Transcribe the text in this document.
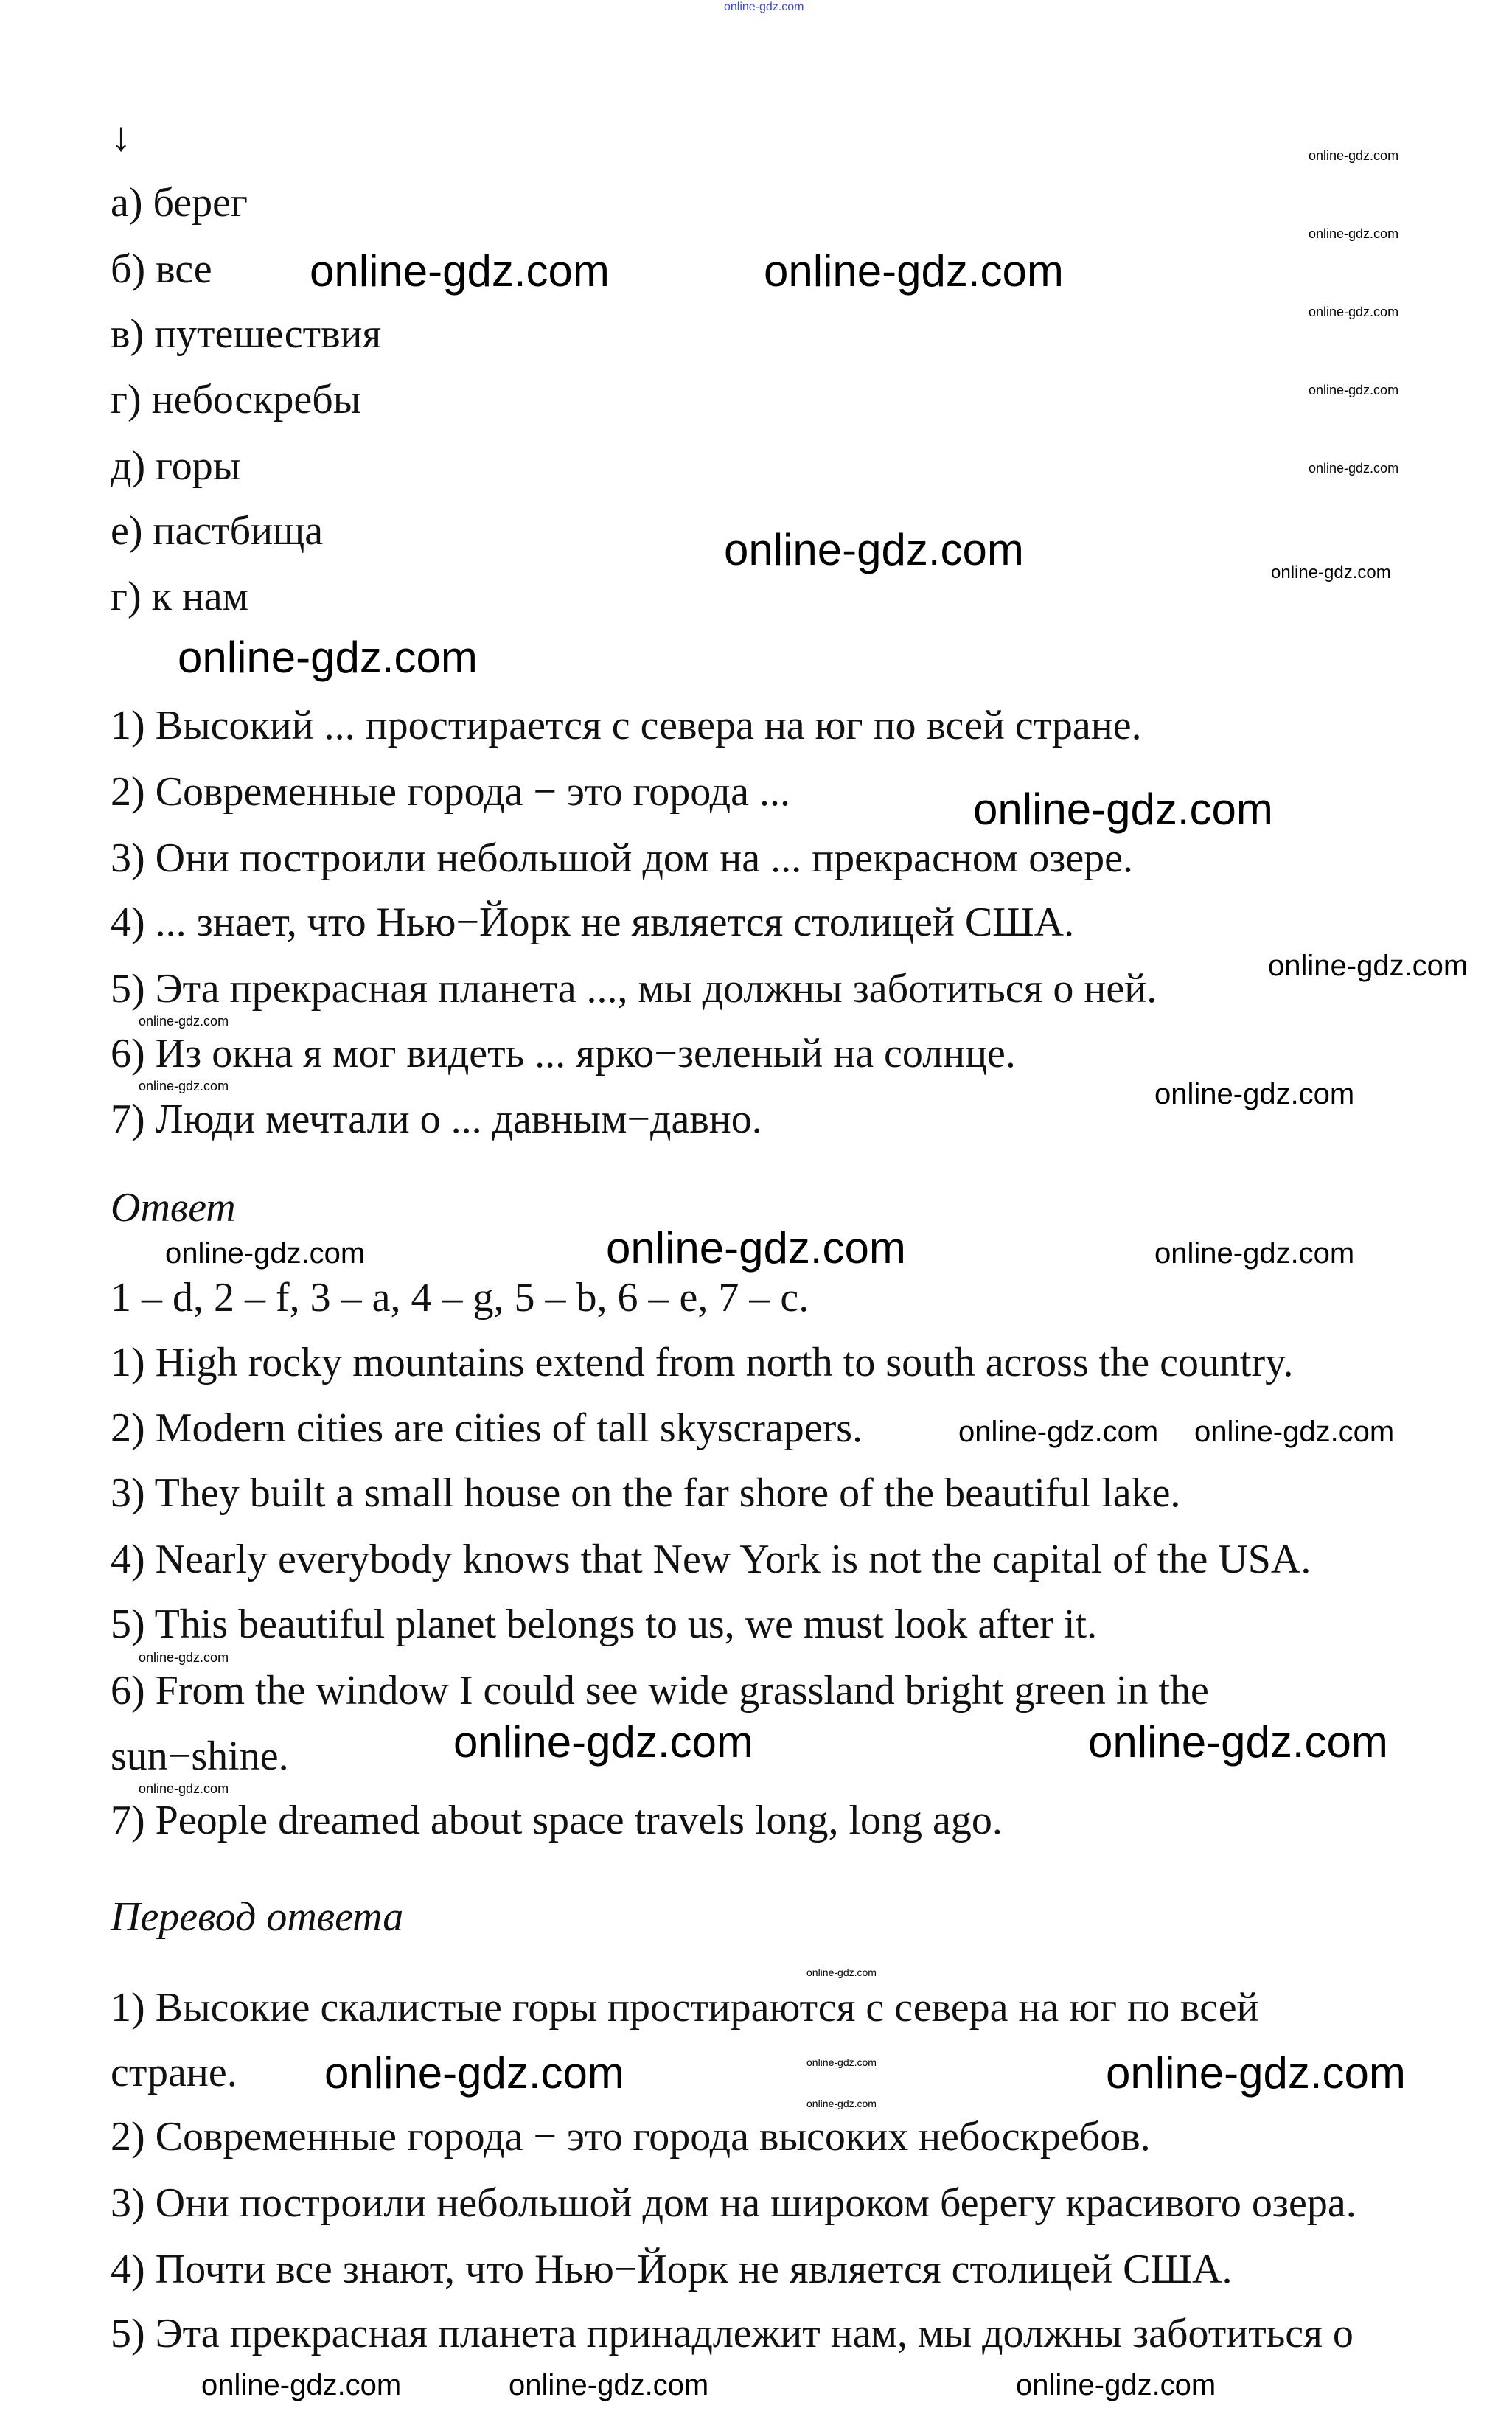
↓
а) берег
б) все
в) путешествия
г) небоскребы
д) горы
е) пастбища
г) к нам
1) Высокий ... простирается с севера на юг по всей стране.
2) Современные города − это города ...
3) Они построили небольшой дом на ... прекрасном озере.
4) ... знает, что Нью−Йорк не является столицей США.
5) Эта прекрасная планета ..., мы должны заботиться о ней.
6) Из окна я мог видеть ... ярко−зеленый на солнце.
7) Люди мечтали о ... давным−давно.
Ответ
1 – d, 2 – f, 3 – a, 4 – g, 5 – b, 6 – e, 7 – c.
1) High rocky mountains extend from north to south across the country.
2) Modern cities are cities of tall skyscrapers.
3) They built a small house on the far shore of the beautiful lake.
4) Nearly everybody knows that New York is not the capital of the USA.
5) This beautiful planet belongs to us, we must look after it.
6) From the window I could see wide grassland bright green in the
sun−shine.
7) People dreamed about space travels long, long ago.
Перевод ответа
1) Высокие скалистые горы простираются с севера на юг по всей
стране.
2) Современные города − это города высоких небоскребов.
3) Они построили небольшой дом на широком берегу красивого озера.
4) Почти все знают, что Нью−Йорк не является столицей США.
5) Эта прекрасная планета принадлежит нам, мы должны заботиться о
online-gdz.com
online-gdz.com
online-gdz.com
online-gdz.com
online-gdz.com
online-gdz.com
online-gdz.com
online-gdz.com	online-gdz.com
online-gdz.com
online-gdz.com
online-gdz.com
online-gdz.com
online-gdz.com
online-gdz.com
online-gdz.com
online-gdz.com	online-gdz.com	online-gdz.com
online-gdz.com
online-gdz.com
online-gdz.com
online-gdz.com	online-gdz.com
online-gdz.com
online-gdz.com
online-gdz.com
online-gdz.com
online-gdz.com	online-gdz.com
online-gdz.com	online-gdz.com	online-gdz.com
